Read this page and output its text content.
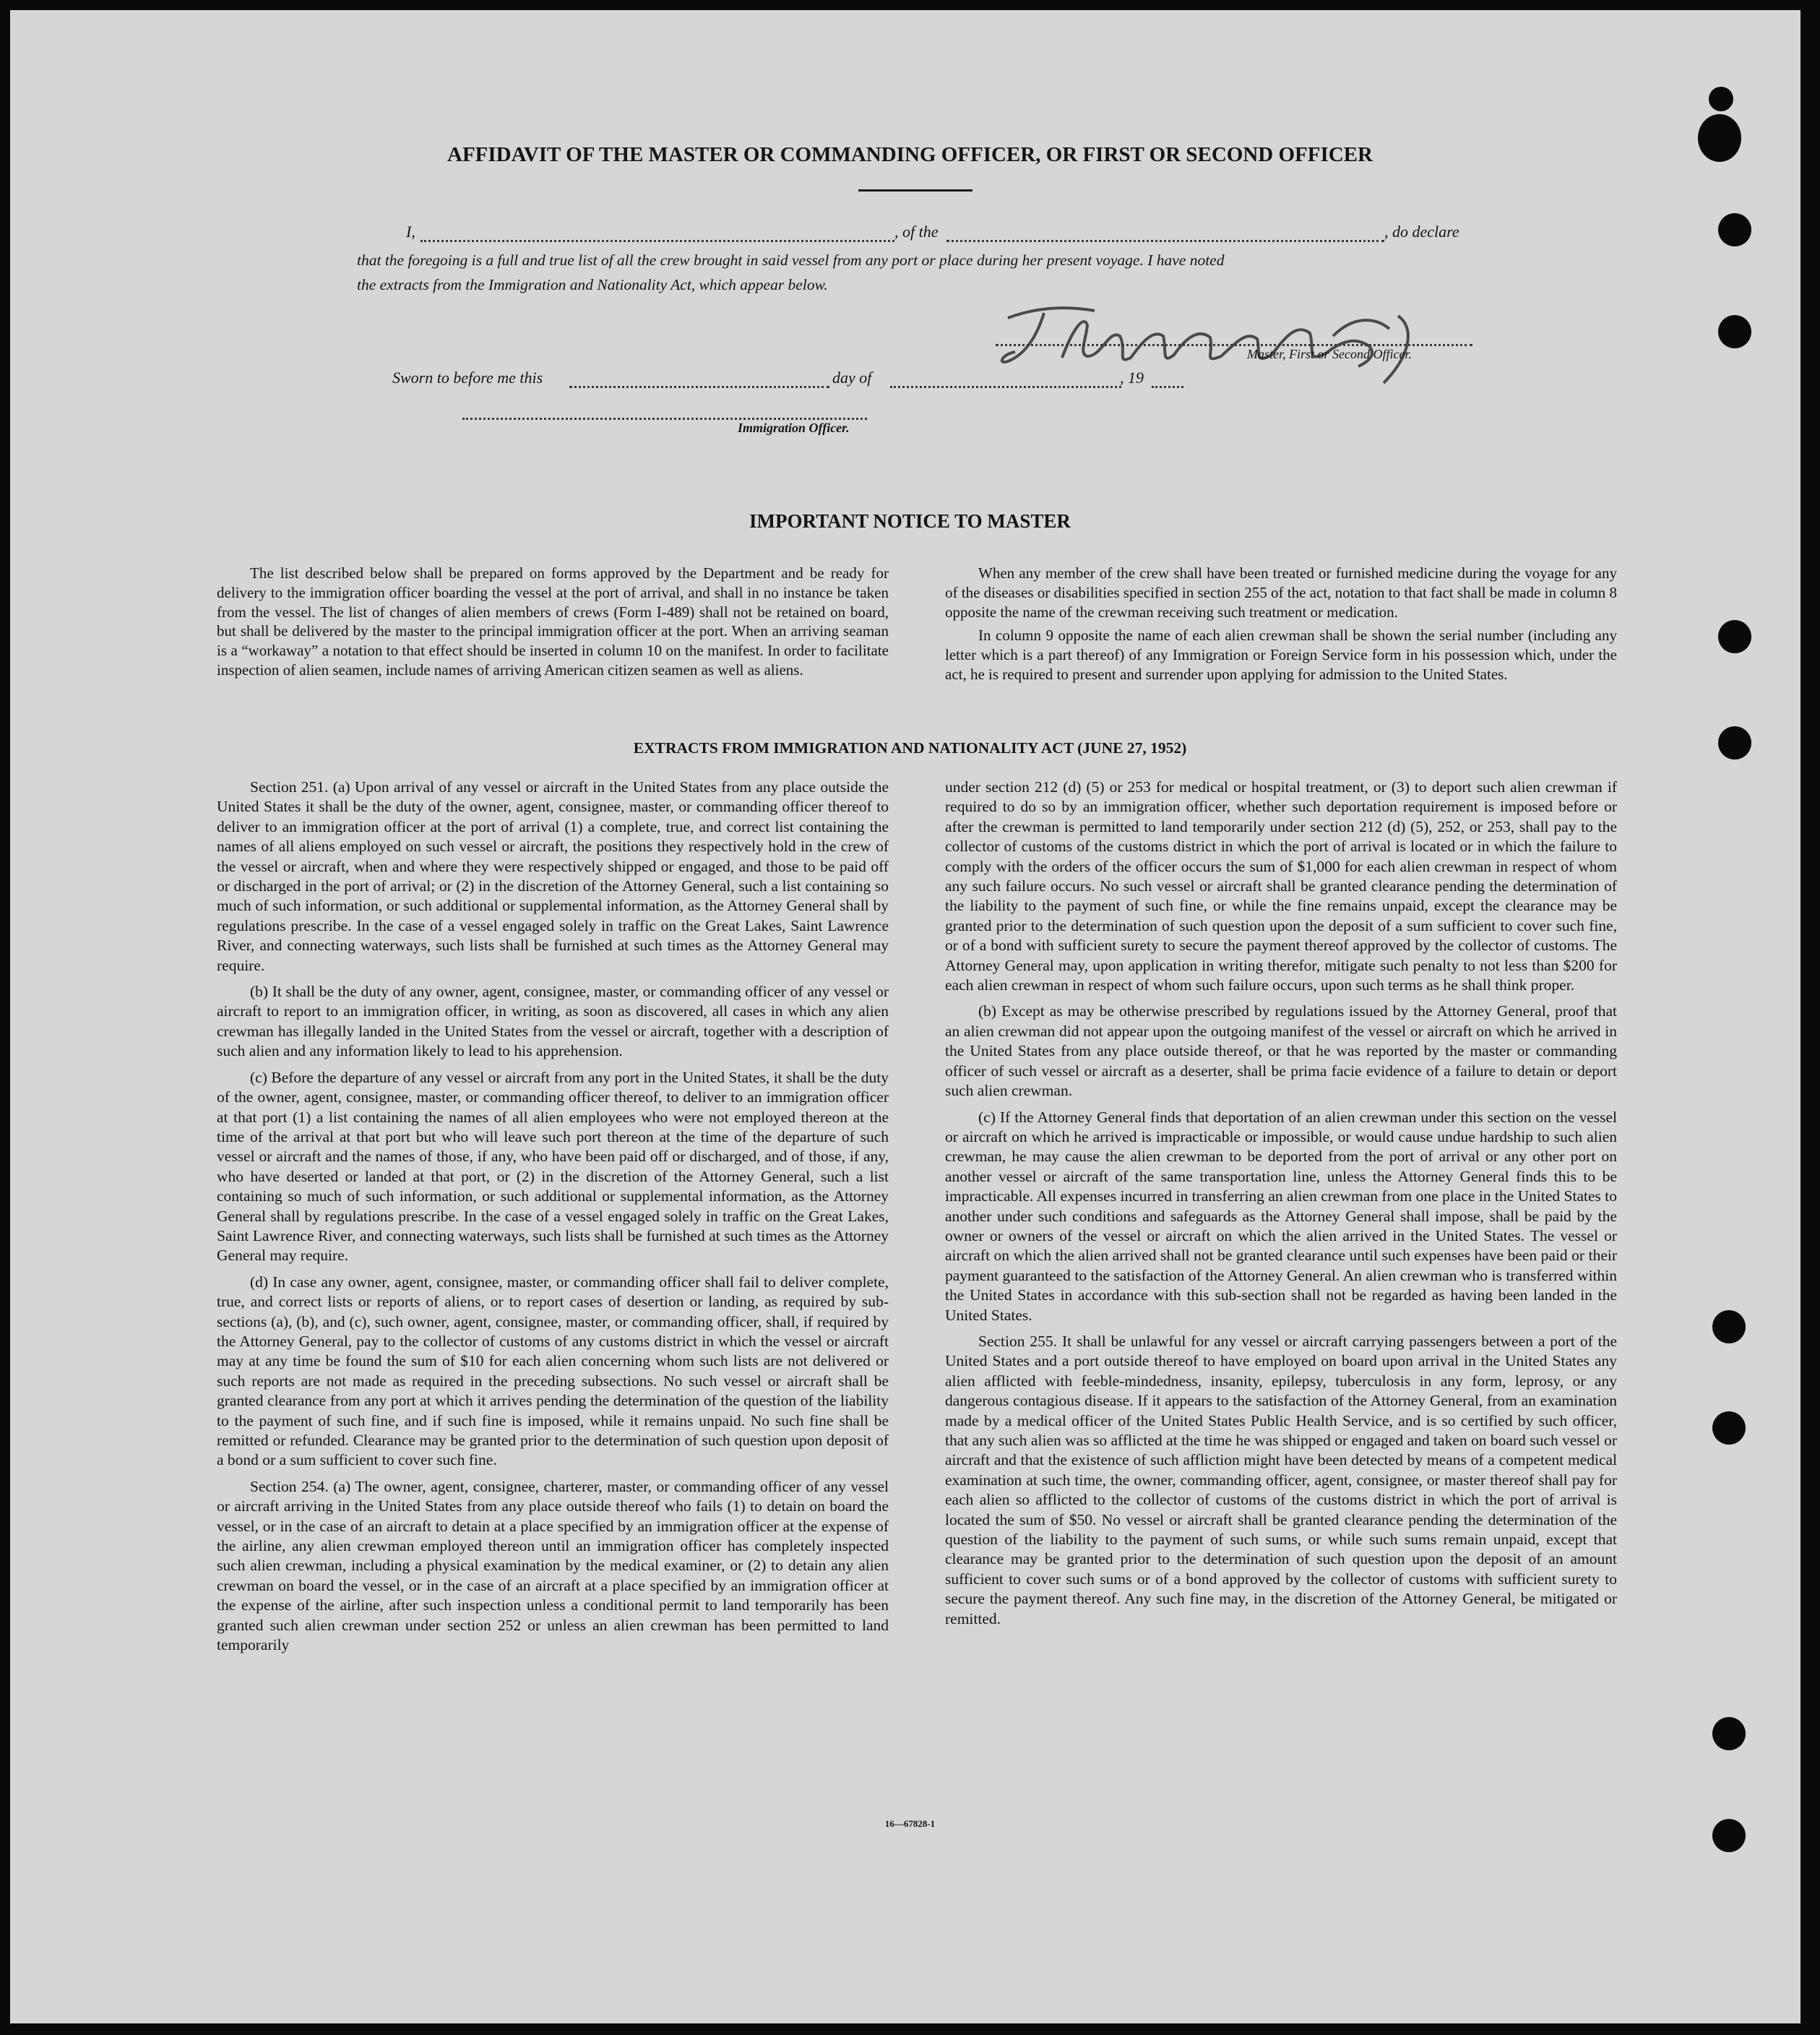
AFFIDAVIT OF THE MASTER OR COMMANDING OFFICER, OR FIRST OR SECOND OFFICER
I,	, of the	, do declare
that the foregoing is a full and true list of all the crew brought in said vessel from any port or place during her present voyage. I have noted
the extracts from the Immigration and Nationality Act, which appear below.
Master, First or Second Officer.
Sworn to before me this	day of	, 19
Immigration Officer.
IMPORTANT NOTICE TO MASTER

The list described below shall be prepared on forms approved by the Department and be ready for delivery to the immigration officer boarding the vessel at the port of arrival, and shall in no instance be taken from the vessel. The list of changes of alien members of crews (Form I-489) shall not be retained on board, but shall be delivered by the master to the principal immigration officer at the port. When an arriving seaman is a “workaway” a notation to that effect should be inserted in column 10 on the manifest. In order to facilitate inspection of alien seamen, include names of arriving American citizen seamen as well as aliens.

When any member of the crew shall have been treated or furnished medicine during the voyage for any of the diseases or disabilities specified in section 255 of the act, notation to that fact shall be made in column 8 opposite the name of the crewman receiving such treatment or medication.

In column 9 opposite the name of each alien crewman shall be shown the serial number (including any letter which is a part thereof) of any Immigration or Foreign Service form in his possession which, under the act, he is required to present and surrender upon applying for admission to the United States.

EXTRACTS FROM IMMIGRATION AND NATIONALITY ACT (JUNE 27, 1952)

Section 251. (a) Upon arrival of any vessel or aircraft in the United States from any place outside the United States it shall be the duty of the owner, agent, consignee, master, or commanding officer thereof to deliver to an immigration officer at the port of arrival (1) a complete, true, and correct list containing the names of all aliens employed on such vessel or aircraft, the positions they respectively hold in the crew of the vessel or aircraft, when and where they were respectively shipped or engaged, and those to be paid off or discharged in the port of arrival; or (2) in the discretion of the Attorney General, such a list containing so much of such information, or such additional or supplemental information, as the Attorney General shall by regulations prescribe. In the case of a vessel engaged solely in traffic on the Great Lakes, Saint Lawrence River, and connecting waterways, such lists shall be furnished at such times as the Attorney General may require.

(b) It shall be the duty of any owner, agent, consignee, master, or commanding officer of any vessel or aircraft to report to an immigration officer, in writing, as soon as discovered, all cases in which any alien crewman has illegally landed in the United States from the vessel or aircraft, together with a description of such alien and any information likely to lead to his apprehension.

(c) Before the departure of any vessel or aircraft from any port in the United States, it shall be the duty of the owner, agent, consignee, master, or commanding officer thereof, to deliver to an immigration officer at that port (1) a list containing the names of all alien employees who were not employed thereon at the time of the arrival at that port but who will leave such port thereon at the time of the departure of such vessel or aircraft and the names of those, if any, who have been paid off or discharged, and of those, if any, who have deserted or landed at that port, or (2) in the discretion of the Attorney General, such a list containing so much of such information, or such additional or supplemental information, as the Attorney General shall by regulations prescribe. In the case of a vessel engaged solely in traffic on the Great Lakes, Saint Lawrence River, and connecting waterways, such lists shall be furnished at such times as the Attorney General may require.

(d) In case any owner, agent, consignee, master, or commanding officer shall fail to deliver complete, true, and correct lists or reports of aliens, or to report cases of desertion or landing, as required by sub-sections (a), (b), and (c), such owner, agent, consignee, master, or commanding officer, shall, if required by the Attorney General, pay to the collector of customs of any customs district in which the vessel or aircraft may at any time be found the sum of $10 for each alien concerning whom such lists are not delivered or such reports are not made as required in the preceding subsections. No such vessel or aircraft shall be granted clearance from any port at which it arrives pending the determination of the question of the liability to the payment of such fine, and if such fine is imposed, while it remains unpaid. No such fine shall be remitted or refunded. Clearance may be granted prior to the determination of such question upon deposit of a bond or a sum sufficient to cover such fine.

Section 254. (a) The owner, agent, consignee, charterer, master, or commanding officer of any vessel or aircraft arriving in the United States from any place outside thereof who fails (1) to detain on board the vessel, or in the case of an aircraft to detain at a place specified by an immigration officer at the expense of the airline, any alien crewman employed thereon until an immigration officer has completely inspected such alien crewman, including a physical examination by the medical examiner, or (2) to detain any alien crewman on board the vessel, or in the case of an aircraft at a place specified by an immigration officer at the expense of the airline, after such inspection unless a conditional permit to land temporarily has been granted such alien crewman under section 252 or unless an alien crewman has been permitted to land temporarily

under section 212 (d) (5) or 253 for medical or hospital treatment, or (3) to deport such alien crewman if required to do so by an immigration officer, whether such deportation requirement is imposed before or after the crewman is permitted to land temporarily under section 212 (d) (5), 252, or 253, shall pay to the collector of customs of the customs district in which the port of arrival is located or in which the failure to comply with the orders of the officer occurs the sum of $1,000 for each alien crewman in respect of whom any such failure occurs. No such vessel or aircraft shall be granted clearance pending the determination of the liability to the payment of such fine, or while the fine remains unpaid, except the clearance may be granted prior to the determination of such question upon the deposit of a sum sufficient to cover such fine, or of a bond with sufficient surety to secure the payment thereof approved by the collector of customs. The Attorney General may, upon application in writing therefor, mitigate such penalty to not less than $200 for each alien crewman in respect of whom such failure occurs, upon such terms as he shall think proper.

(b) Except as may be otherwise prescribed by regulations issued by the Attorney General, proof that an alien crewman did not appear upon the outgoing manifest of the vessel or aircraft on which he arrived in the United States from any place outside thereof, or that he was reported by the master or commanding officer of such vessel or aircraft as a deserter, shall be prima facie evidence of a failure to detain or deport such alien crewman.

(c) If the Attorney General finds that deportation of an alien crewman under this section on the vessel or aircraft on which he arrived is impracticable or impossible, or would cause undue hardship to such alien crewman, he may cause the alien crewman to be deported from the port of arrival or any other port on another vessel or aircraft of the same transportation line, unless the Attorney General finds this to be impracticable. All expenses incurred in transferring an alien crewman from one place in the United States to another under such conditions and safeguards as the Attorney General shall impose, shall be paid by the owner or owners of the vessel or aircraft on which the alien arrived in the United States. The vessel or aircraft on which the alien arrived shall not be granted clearance until such expenses have been paid or their payment guaranteed to the satisfaction of the Attorney General. An alien crewman who is transferred within the United States in accordance with this sub-section shall not be regarded as having been landed in the United States.

Section 255. It shall be unlawful for any vessel or aircraft carrying passengers between a port of the United States and a port outside thereof to have employed on board upon arrival in the United States any alien afflicted with feeble-mindedness, insanity, epilepsy, tuberculosis in any form, leprosy, or any dangerous contagious disease. If it appears to the satisfaction of the Attorney General, from an examination made by a medical officer of the United States Public Health Service, and is so certified by such officer, that any such alien was so afflicted at the time he was shipped or engaged and taken on board such vessel or aircraft and that the existence of such affliction might have been detected by means of a competent medical examination at such time, the owner, commanding officer, agent, consignee, or master thereof shall pay for each alien so afflicted to the collector of customs of the customs district in which the port of arrival is located the sum of $50. No vessel or aircraft shall be granted clearance pending the determination of the question of the liability to the payment of such sums, or while such sums remain unpaid, except that clearance may be granted prior to the determination of such question upon the deposit of an amount sufficient to cover such sums or of a bond approved by the collector of customs with sufficient surety to secure the payment thereof. Any such fine may, in the discretion of the Attorney General, be mitigated or remitted.

16—67828-1
